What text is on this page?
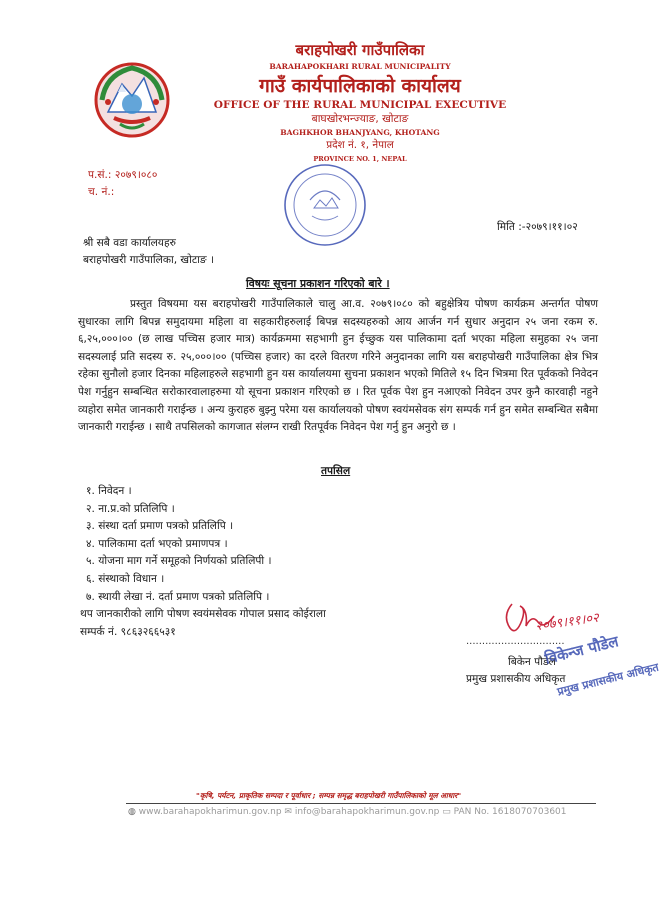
बराहपोखरी गाउँपालिका
BARAHAPOKHARI RURAL MUNICIPALITY
गाउँ कार्यपालिकाको कार्यालय
OFFICE OF THE RURAL MUNICIPAL EXECUTIVE
बाघखोरभन्ज्याङ, खोटाङ
BAGHKHOR BHANJYANG, KHOTANG
प्रदेश नं. १, नेपाल
PROVINCE NO. 1, NEPAL
प.सं.: २०७९।०८०
च. नं.:
मिति :-२०७९।११।०२
श्री सबै वडा कार्यालयहरु
बराहपोखरी गाउँपालिका, खोटाङ ।
विषयः सूचना प्रकाशन गरिएको बारे ।
प्रस्तुत विषयमा यस बराहपोखरी गाउँपालिकाले चालु आ.व. २०७९।०८० को बहुक्षेत्रिय पोषण कार्यक्रम अन्तर्गत पोषण सुधारका लागि बिपन्न समुदायमा महिला वा सहकारीहरुलाई बिपन्न सदस्यहरुको आय आर्जन गर्न सुधार अनुदान २५ जना रकम रु. ६,२५,०००।०० (छ लाख पच्चिस हजार मात्र) कार्यक्रममा सहभागी हुन ईच्छुक यस पालिकामा दर्ता भएका महिला समुहका २५ जना सदस्यलाई प्रति सदस्य रु. २५,०००।०० (पच्चिस हजार) का दरले वितरण गरिने अनुदानका लागि यस बराहपोखरी गाउँपालिका क्षेत्र भित्र रहेका सुनौलो हजार दिनका महिलाहरुले सहभागी हुन यस कार्यालयमा सुचना प्रकाशन भएको मितिले १५ दिन भित्रमा रित पूर्वकको निवेदन पेश गर्नुहुन सम्बन्धित सरोकारवालाहरुमा यो सूचना प्रकाशन गरिएको छ । रित पूर्वक पेश हुन नआएको निवेदन उपर कुनै कारवाही नहुने व्यहोरा समेत जानकारी गराईन्छ । अन्य कुराहरु बुझ्नु परेमा यस कार्यालयको पोषण स्वयंमसेवक संग सम्पर्क गर्न हुन समेत सम्बन्धित सबैमा जानकारी गराईन्छ । साथै तपसिलको कागजात संलग्न राखी रितपूर्वक निवेदन पेश गर्नु हुन अनुरो छ ।
तपसिल
१. निवेदन ।
२. ना.प्र.को प्रतिलिपि ।
३. संस्था दर्ता प्रमाण पत्रको प्रतिलिपि ।
४. पालिकामा दर्ता भएको प्रमाणपत्र ।
५. योजना माग गर्ने समूहको निर्णयको प्रतिलिपी ।
६. संस्थाको विधान ।
७. स्थायी लेखा नं. दर्ता प्रमाण पत्रको प्रतिलिपि ।
थप जानकारीको लागि पोषण स्वयंमसेवक गोपाल प्रसाद कोईराला
सम्पर्क नं. ९८६३२६६५३१	२०७९।११।०२
...............................
बिकेन पौडेल
प्रमुख प्रशासकीय अधिकृत
विकेन्ज पौडेल
प्रमुख प्रशासकीय अधिकृत
"कृषि, पर्यटन, प्राकृतिक सम्पदा र पूर्वाधार ; सम्पन्न समृद्ध बराहपोखरी गाउँपालिकाको मूल आधार"
◍ www.barahapokharimun.gov.np ✉ info@barahapokharimun.gov.np ▭ PAN No. 1618070703601
